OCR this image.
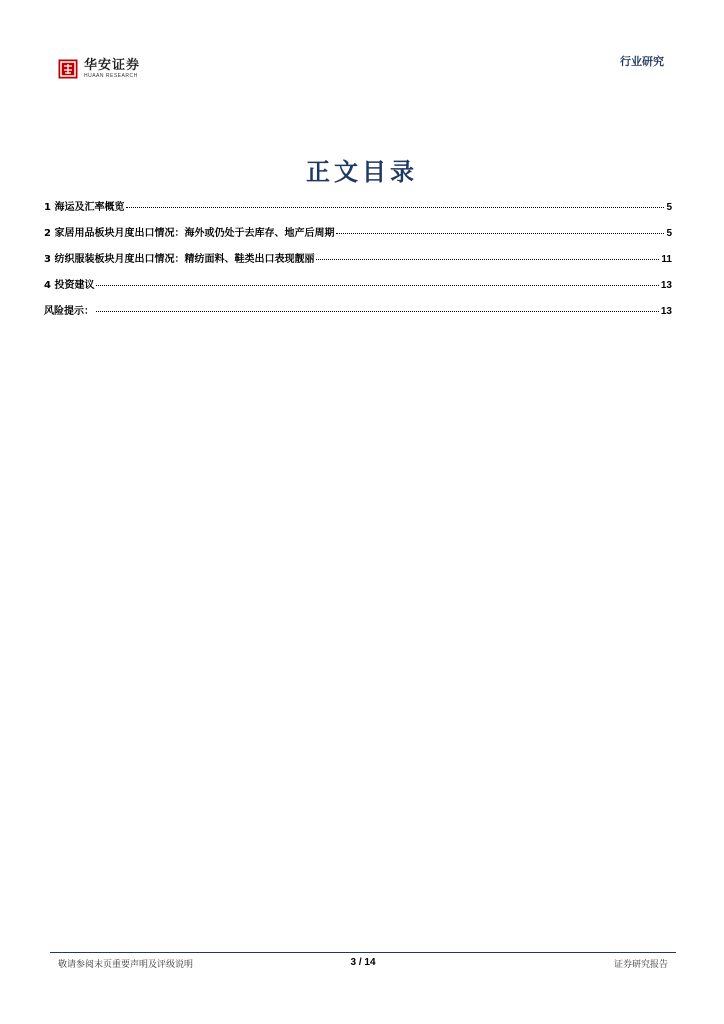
华安证券
HUAAN RESEARCH
行业研究
正文目录
1 海运及汇率概览	5
2 家居用品板块月度出口情况：海外或仍处于去库存、地产后周期	5
3 纺织服装板块月度出口情况：精纺面料、鞋类出口表现靓丽	11
4 投资建议	13
风险提示：	13
敬请参阅末页重要声明及评级说明	3 / 14	证券研究报告
